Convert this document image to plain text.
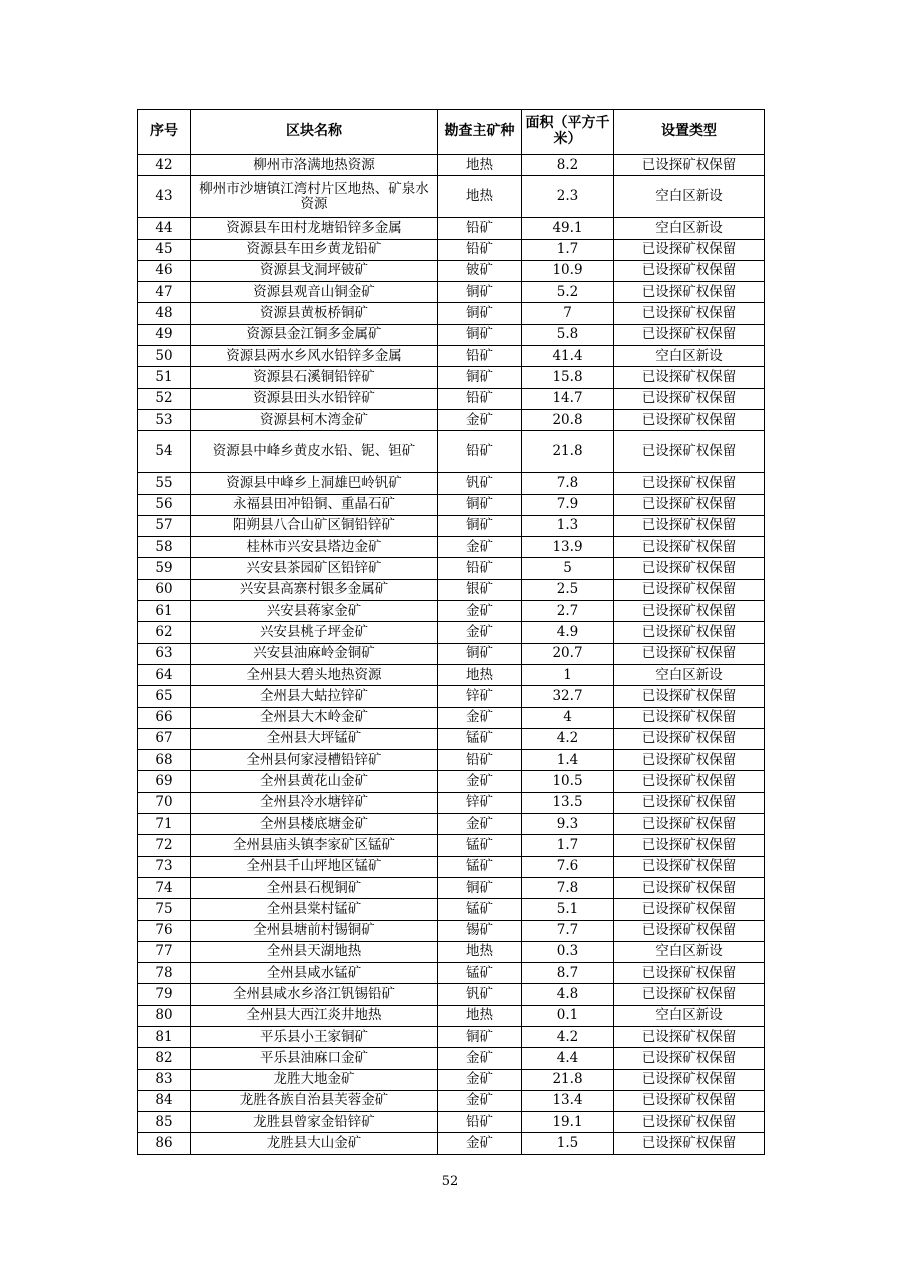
序号	区块名称	勘查主矿种	面积（平方千米）	设置类型
42	柳州市洛满地热资源	地热	8.2	已设探矿权保留
43	柳州市沙塘镇江湾村片区地热、矿泉水资源	地热	2.3	空白区新设
44	资源县车田村龙塘铅锌多金属	铅矿	49.1	空白区新设
45	资源县车田乡黄龙铅矿	铅矿	1.7	已设探矿权保留
46	资源县戈洞坪铍矿	铍矿	10.9	已设探矿权保留
47	资源县观音山铜金矿	铜矿	5.2	已设探矿权保留
48	资源县黄板桥铜矿	铜矿	7	已设探矿权保留
49	资源县金江铜多金属矿	铜矿	5.8	已设探矿权保留
50	资源县两水乡风水铅锌多金属	铅矿	41.4	空白区新设
51	资源县石溪铜铅锌矿	铜矿	15.8	已设探矿权保留
52	资源县田头水铅锌矿	铅矿	14.7	已设探矿权保留
53	资源县柯木湾金矿	金矿	20.8	已设探矿权保留
54	资源县中峰乡黄皮水铅、铌、钽矿	铅矿	21.8	已设探矿权保留
55	资源县中峰乡上洞雄巴岭钒矿	钒矿	7.8	已设探矿权保留
56	永福县田冲铅铜、重晶石矿	铜矿	7.9	已设探矿权保留
57	阳朔县八合山矿区铜铅锌矿	铜矿	1.3	已设探矿权保留
58	桂林市兴安县塔边金矿	金矿	13.9	已设探矿权保留
59	兴安县茶园矿区铅锌矿	铅矿	5	已设探矿权保留
60	兴安县高寨村银多金属矿	银矿	2.5	已设探矿权保留
61	兴安县蒋家金矿	金矿	2.7	已设探矿权保留
62	兴安县桃子坪金矿	金矿	4.9	已设探矿权保留
63	兴安县油麻岭金铜矿	铜矿	20.7	已设探矿权保留
64	全州县大碧头地热资源	地热	1	空白区新设
65	全州县大蛄拉锌矿	锌矿	32.7	已设探矿权保留
66	全州县大木岭金矿	金矿	4	已设探矿权保留
67	全州县大坪锰矿	锰矿	4.2	已设探矿权保留
68	全州县何家浸槽铅锌矿	铅矿	1.4	已设探矿权保留
69	全州县黄花山金矿	金矿	10.5	已设探矿权保留
70	全州县冷水塘锌矿	锌矿	13.5	已设探矿权保留
71	全州县楼底塘金矿	金矿	9.3	已设探矿权保留
72	全州县庙头镇李家矿区锰矿	锰矿	1.7	已设探矿权保留
73	全州县千山坪地区锰矿	锰矿	7.6	已设探矿权保留
74	全州县石枧铜矿	铜矿	7.8	已设探矿权保留
75	全州县棠村锰矿	锰矿	5.1	已设探矿权保留
76	全州县塘前村锡铜矿	锡矿	7.7	已设探矿权保留
77	全州县天湖地热	地热	0.3	空白区新设
78	全州县咸水锰矿	锰矿	8.7	已设探矿权保留
79	全州县咸水乡洛江钒锡铅矿	钒矿	4.8	已设探矿权保留
80	全州县大西江炎井地热	地热	0.1	空白区新设
81	平乐县小王家铜矿	铜矿	4.2	已设探矿权保留
82	平乐县油麻口金矿	金矿	4.4	已设探矿权保留
83	龙胜大地金矿	金矿	21.8	已设探矿权保留
84	龙胜各族自治县芙蓉金矿	金矿	13.4	已设探矿权保留
85	龙胜县曾家金铅锌矿	铅矿	19.1	已设探矿权保留
86	龙胜县大山金矿	金矿	1.5	已设探矿权保留
52
